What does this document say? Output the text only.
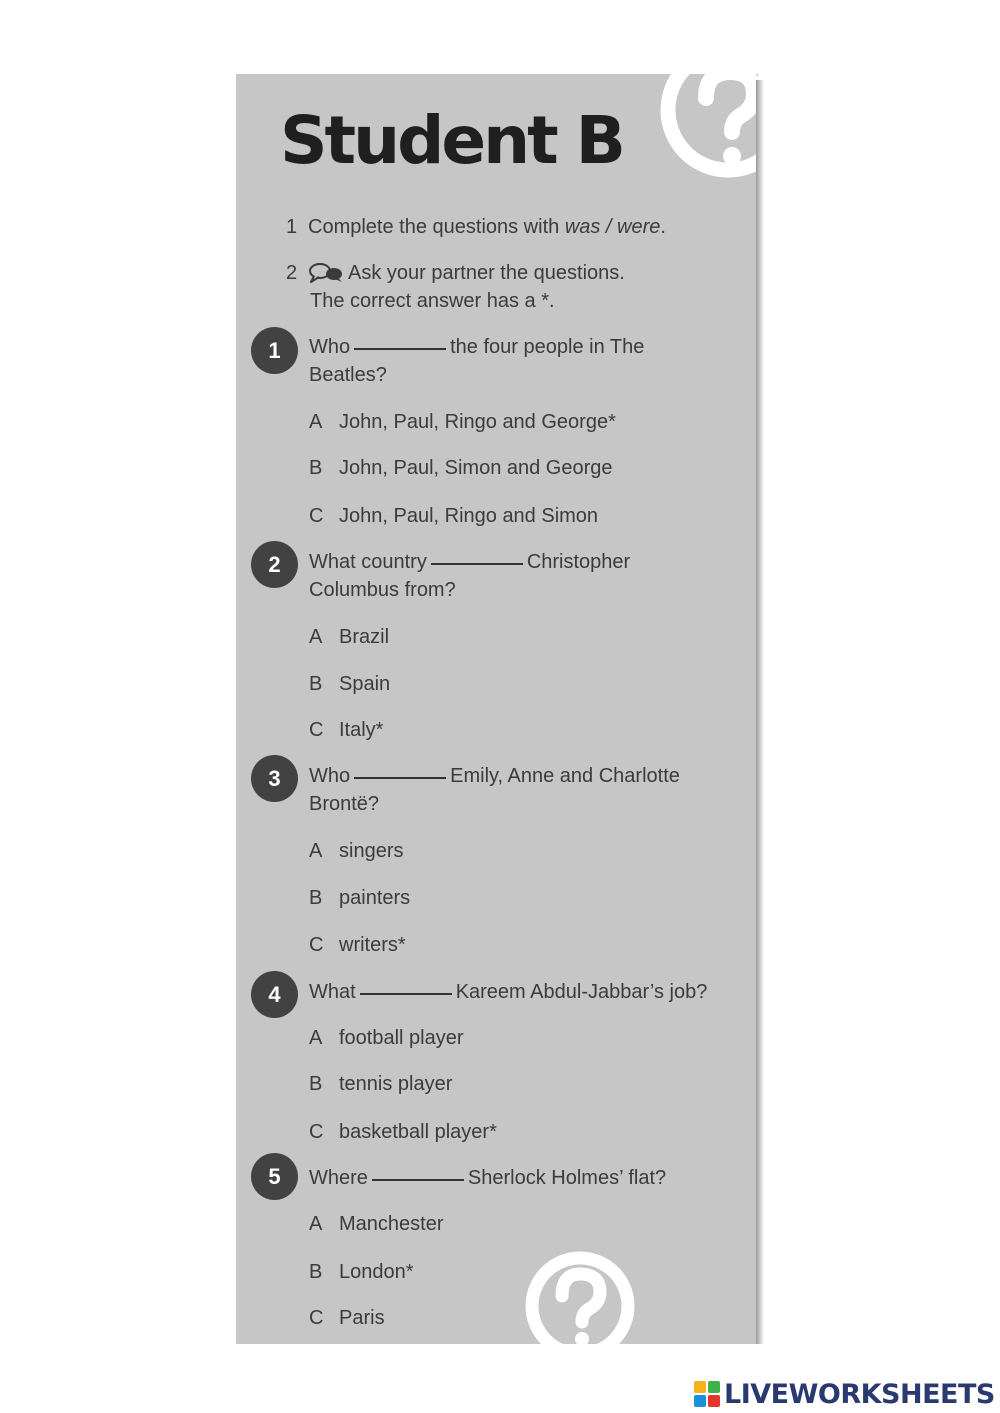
Student B
1 Complete the questions with was / were.
2	Ask your partner the questions.
The correct answer has a *.
1	Who	the four people in The
Beatles?
A John, Paul, Ringo and George*
B John, Paul, Simon and George
C John, Paul, Ringo and Simon
2	What country	Christopher
Columbus from?
A Brazil
B Spain
C Italy*
3	Who	Emily, Anne and Charlotte
Brontë?
A singers
B painters
C writers*
4	What	Kareem Abdul-Jabbar’s job?
A football player
B tennis player
C basketball player*
5	Where	Sherlock Holmes’ flat?
A Manchester
B London*
C Paris
LIVEWORKSHEETS
